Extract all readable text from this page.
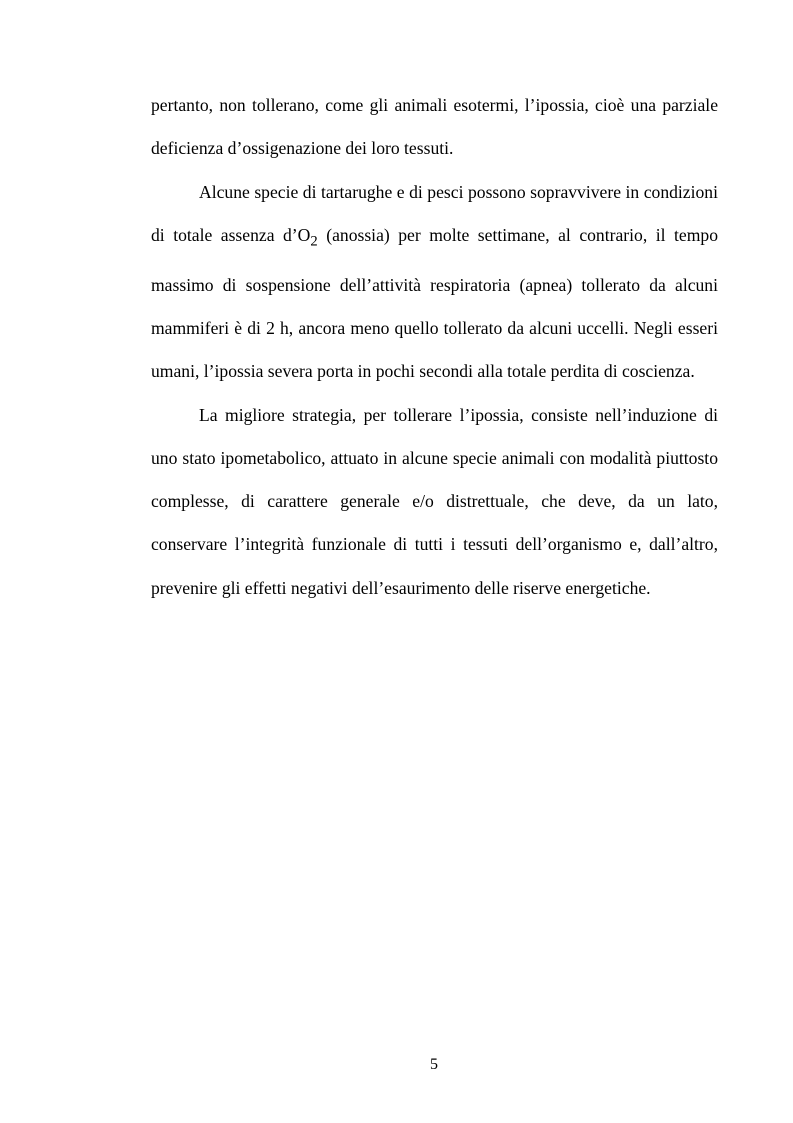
pertanto, non tollerano, come gli animali esotermi, l’ipossia, cioè una parziale deficienza d’ossigenazione dei loro tessuti.

Alcune specie di tartarughe e di pesci possono sopravvivere in condizioni di totale assenza $d’O_2$ (anossia) per molte settimane, al contrario, il tempo massimo di sospensione dell’attività respiratoria (apnea) tollerato da alcuni mammiferi è di 2 h, ancora meno quello tollerato da alcuni uccelli. Negli esseri umani, l’ipossia severa porta in pochi secondi alla totale perdita di coscienza.

La migliore strategia, per tollerare l’ipossia, consiste nell’induzione di uno stato ipometabolico, attuato in alcune specie animali con modalità piuttosto complesse, di carattere generale e/o distrettuale, che deve, da un lato, conservare l’integrità funzionale di tutti i tessuti dell’organismo e, dall’altro, prevenire gli effetti negativi dell’esaurimento delle riserve energetiche.

5
